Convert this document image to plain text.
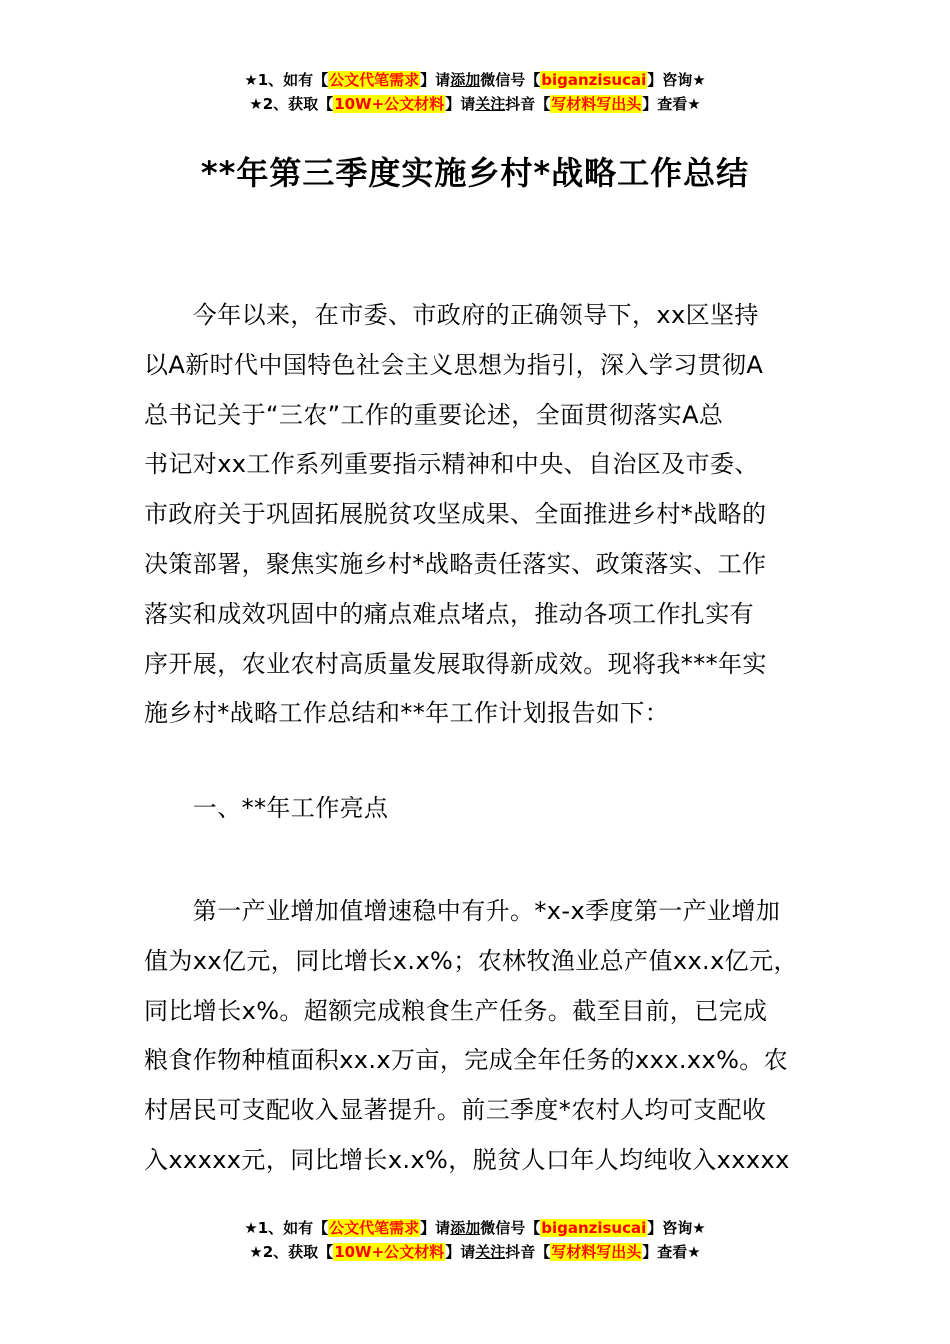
★1、如有【公文代笔需求】请添加微信号【biganzisucai】咨询★
★2、获取【10W+公文材料】请关注抖音【写材料写出头】查看★
**年第三季度实施乡村*战略工作总结
　　今年以来，在市委、市政府的正确领导下，xx区坚持
以A新时代中国特色社会主义思想为指引，深入学习贯彻A
总书记关于“三农”工作的重要论述，全面贯彻落实A总
书记对xx工作系列重要指示精神和中央、自治区及市委、
市政府关于巩固拓展脱贫攻坚成果、全面推进乡村*战略的
决策部署，聚焦实施乡村*战略责任落实、政策落实、工作
落实和成效巩固中的痛点难点堵点，推动各项工作扎实有
序开展，农业农村高质量发展取得新成效。现将我***年实
施乡村*战略工作总结和**年工作计划报告如下：
　　一、**年工作亮点
　　第一产业增加值增速稳中有升。*x-x季度第一产业增加
值为xx亿元，同比增长x.x%；农林牧渔业总产值xx.x亿元，
同比增长x%。超额完成粮食生产任务。截至目前，已完成
粮食作物种植面积xx.x万亩，完成全年任务的xxx.xx%。农
村居民可支配收入显著提升。前三季度*农村人均可支配收
入xxxxx元，同比增长x.x%，脱贫人口年人均纯收入xxxxx
★1、如有【公文代笔需求】请添加微信号【biganzisucai】咨询★
★2、获取【10W+公文材料】请关注抖音【写材料写出头】查看★
